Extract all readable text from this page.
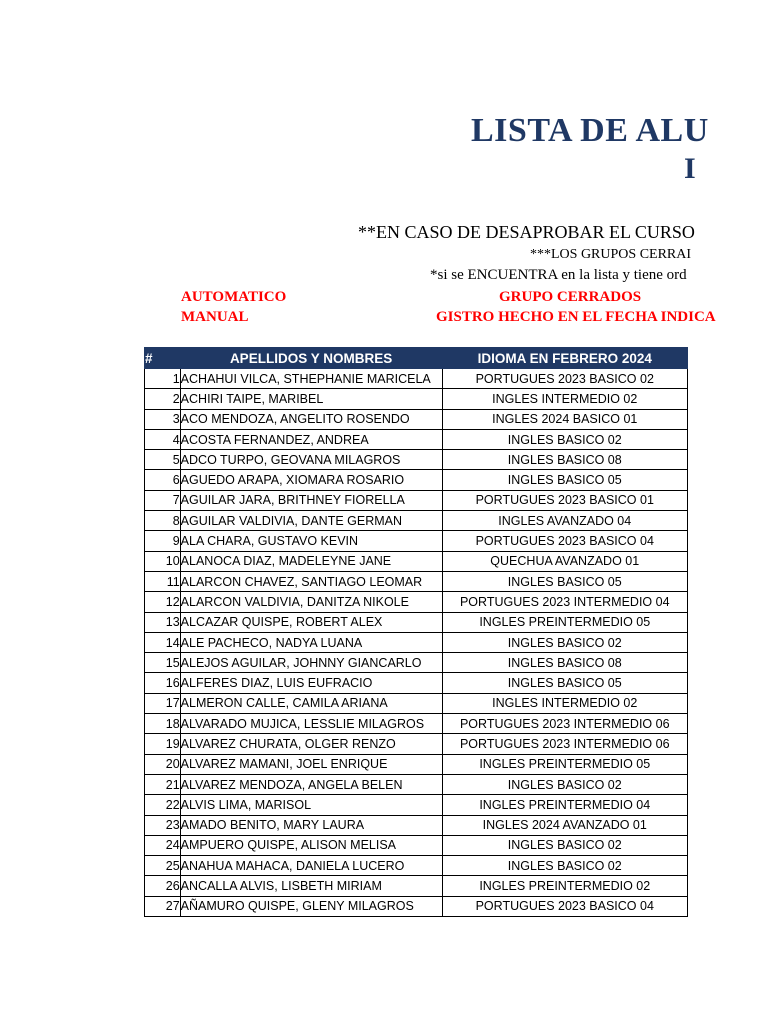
LISTA DE ALU
I
**EN CASO DE DESAPROBAR EL CURSO
***LOS GRUPOS CERRAI
*si se ENCUENTRA en la lista y tiene ord
AUTOMATICO
MANUAL
GRUPO CERRADOS
GISTRO HECHO EN EL FECHA INDICA
#	APELLIDOS Y NOMBRES	IDIOMA EN FEBRERO 2024
1	ACHAHUI VILCA, STHEPHANIE MARICELA	PORTUGUES 2023 BASICO 02
2	ACHIRI TAIPE, MARIBEL	INGLES INTERMEDIO 02
3	ACO MENDOZA, ANGELITO ROSENDO	INGLES 2024 BASICO 01
4	ACOSTA FERNANDEZ, ANDREA	INGLES BASICO 02
5	ADCO TURPO, GEOVANA MILAGROS	INGLES BASICO 08
6	AGUEDO ARAPA, XIOMARA ROSARIO	INGLES BASICO 05
7	AGUILAR JARA, BRITHNEY FIORELLA	PORTUGUES 2023 BASICO 01
8	AGUILAR VALDIVIA, DANTE GERMAN	INGLES AVANZADO 04
9	ALA CHARA, GUSTAVO KEVIN	PORTUGUES 2023 BASICO 04
10	ALANOCA DIAZ, MADELEYNE JANE	QUECHUA AVANZADO 01
11	ALARCON CHAVEZ, SANTIAGO LEOMAR	INGLES BASICO 05
12	ALARCON VALDIVIA, DANITZA NIKOLE	PORTUGUES 2023 INTERMEDIO 04
13	ALCAZAR QUISPE, ROBERT ALEX	INGLES PREINTERMEDIO 05
14	ALE PACHECO, NADYA LUANA	INGLES BASICO 02
15	ALEJOS AGUILAR, JOHNNY GIANCARLO	INGLES BASICO 08
16	ALFERES DIAZ, LUIS EUFRACIO	INGLES BASICO 05
17	ALMERON CALLE, CAMILA ARIANA	INGLES INTERMEDIO 02
18	ALVARADO MUJICA, LESSLIE MILAGROS	PORTUGUES 2023 INTERMEDIO 06
19	ALVAREZ CHURATA, OLGER RENZO	PORTUGUES 2023 INTERMEDIO 06
20	ALVAREZ MAMANI, JOEL ENRIQUE	INGLES PREINTERMEDIO 05
21	ALVAREZ MENDOZA, ANGELA BELEN	INGLES BASICO 02
22	ALVIS LIMA, MARISOL	INGLES PREINTERMEDIO 04
23	AMADO BENITO, MARY LAURA	INGLES 2024 AVANZADO 01
24	AMPUERO QUISPE, ALISON MELISA	INGLES BASICO 02
25	ANAHUA MAHACA, DANIELA LUCERO	INGLES BASICO 02
26	ANCALLA ALVIS, LISBETH MIRIAM	INGLES PREINTERMEDIO 02
27	AÑAMURO QUISPE, GLENY MILAGROS	PORTUGUES 2023 BASICO 04
